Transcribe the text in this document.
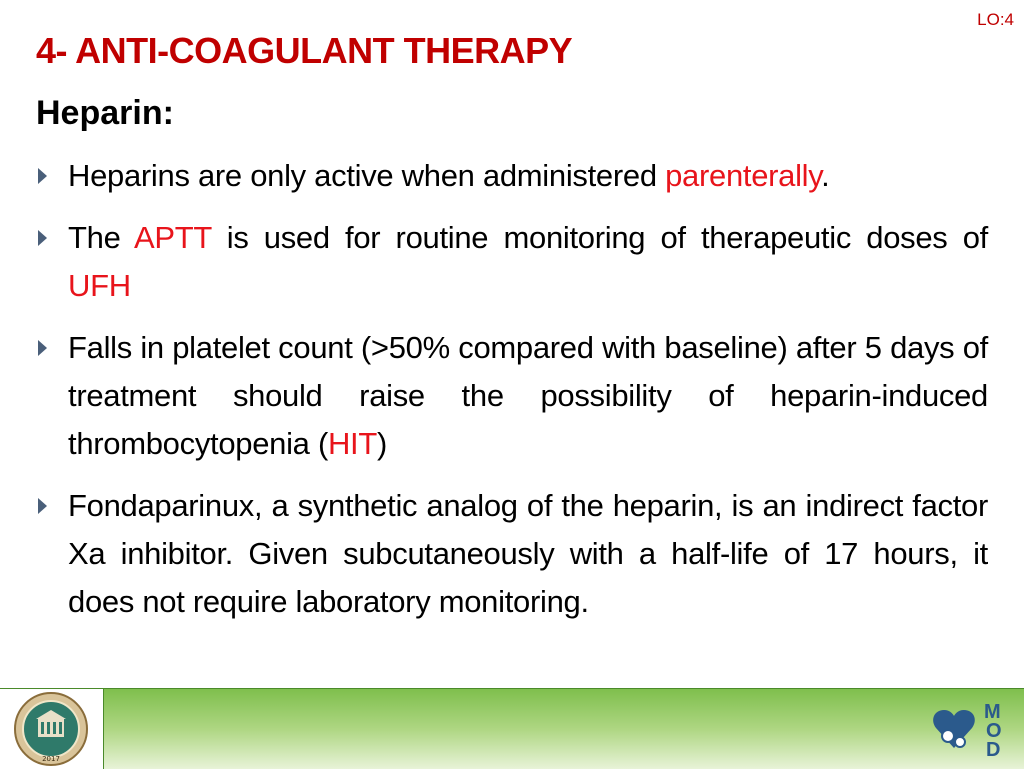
LO:4
4- ANTI-COAGULANT THERAPY
Heparin:
Heparins are only active when administered parenterally.
The APTT is used for routine monitoring of therapeutic doses of UFH
Falls in platelet count (>50% compared with baseline) after 5 days of treatment should raise the possibility of heparin-induced thrombocytopenia (HIT)
Fondaparinux, a synthetic analog of the heparin, is an indirect factor Xa inhibitor. Given subcutaneously with a half-life of 17 hours, it does not require laboratory monitoring.
2017
M
O
D
